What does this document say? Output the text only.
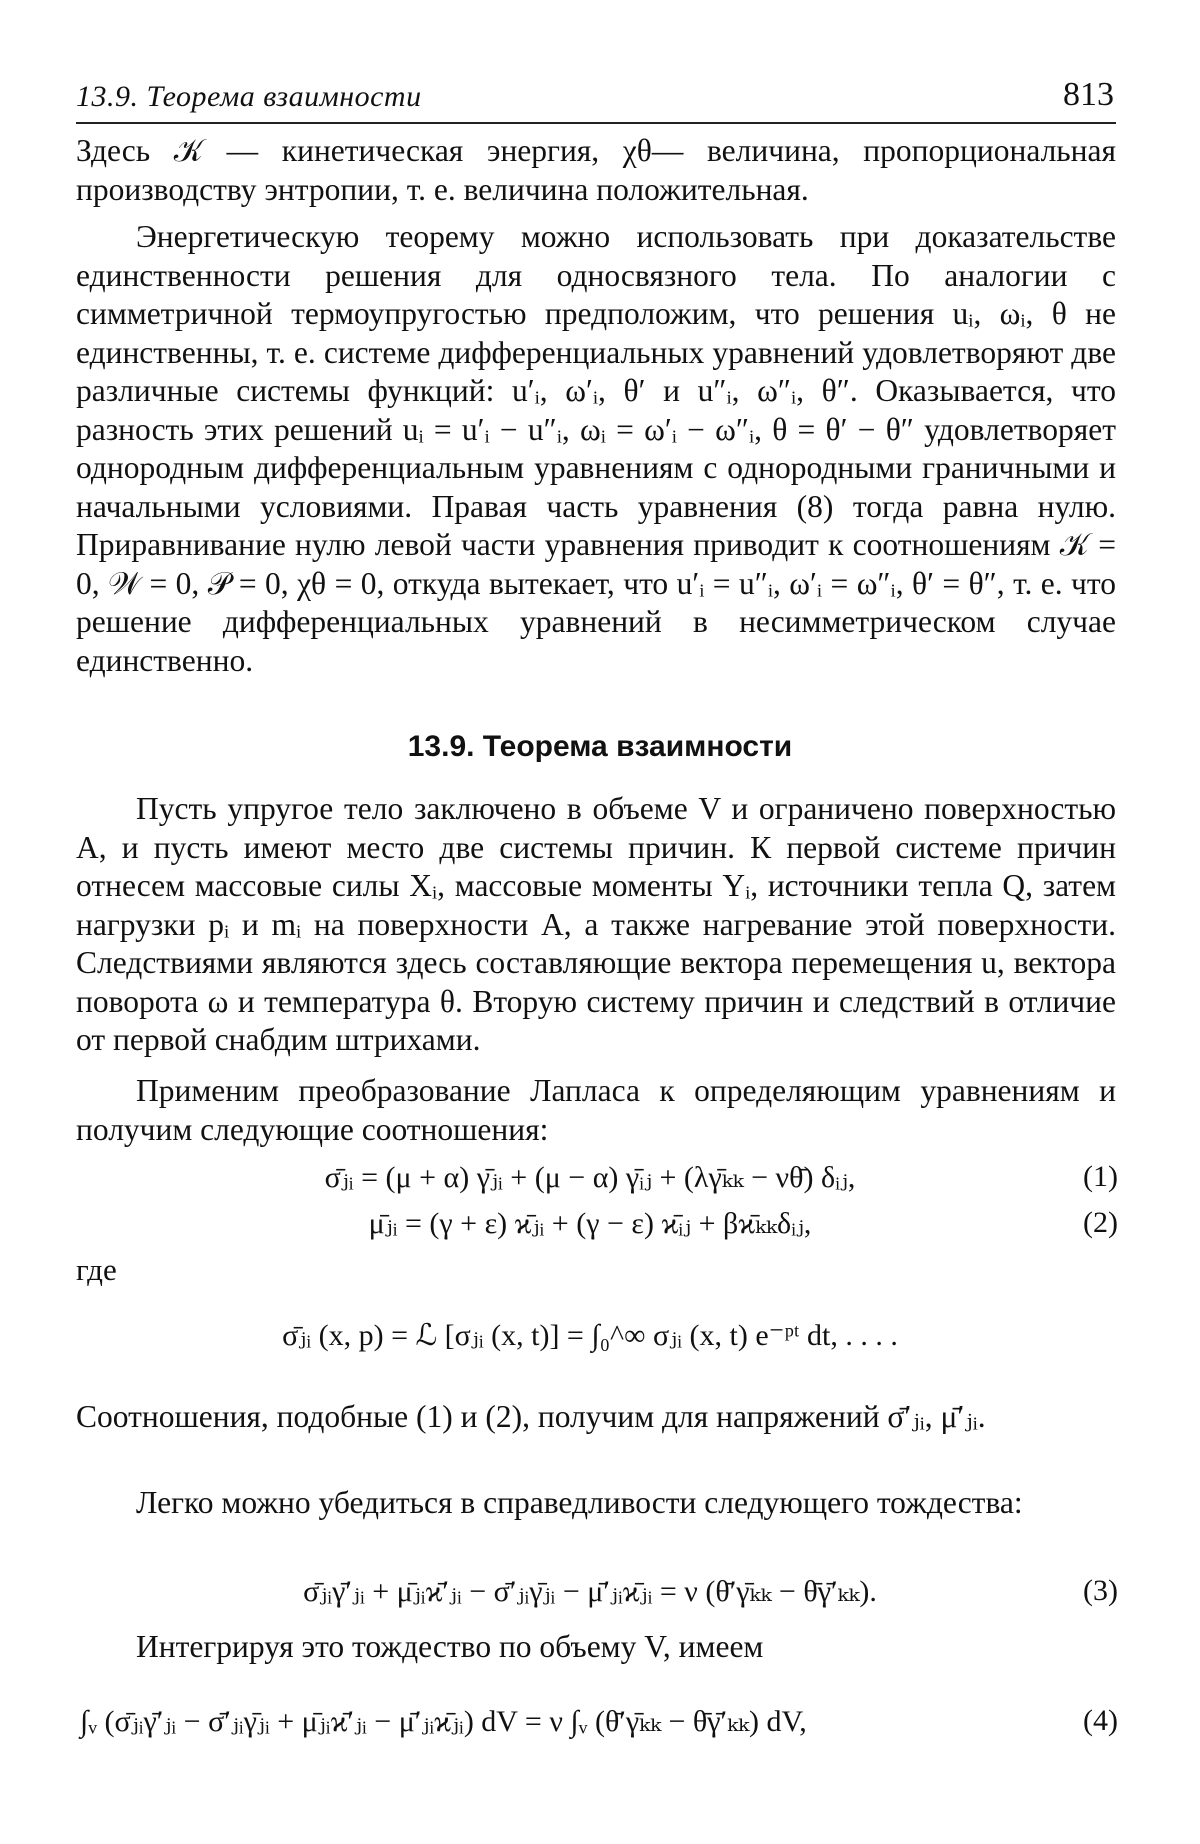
13.9. Теорема взаимности	813

Здесь 𝒦 — кинетическая энергия, χθ— величина, пропорциональная производству энтропии, т. е. величина положительная.

Энергетическую теорему можно использовать при доказательстве единственности решения для односвязного тела. По аналогии с симметричной термоупругостью предположим, что решения uᵢ, ωᵢ, θ не единственны, т. е. системе дифференциальных уравнений удовлетворяют две различные системы функций: u′ᵢ, ω′ᵢ, θ′ и u″ᵢ, ω″ᵢ, θ″. Оказывается, что разность этих решений uᵢ = u′ᵢ − u″ᵢ, ωᵢ = ω′ᵢ − ω″ᵢ, θ = θ′ − θ″ удовлетворяет однородным дифференциальным уравнениям с однородными граничными и начальными условиями. Правая часть уравнения (8) тогда равна нулю. Приравнивание нулю левой части уравнения приводит к соотношениям 𝒦 = 0, 𝒲 = 0, 𝒫 = 0, χθ = 0, откуда вытекает, что u′ᵢ = u″ᵢ, ω′ᵢ = ω″ᵢ, θ′ = θ″, т. е. что решение дифференциальных уравнений в несимметрическом случае единственно.

13.9. Теорема взаимности

Пусть упругое тело заключено в объеме V и ограничено поверхностью A, и пусть имеют место две системы причин. К первой системе причин отнесем массовые силы Xᵢ, массовые моменты Yᵢ, источники тепла Q, затем нагрузки pᵢ и mᵢ на поверхности A, а также нагревание этой поверхности. Следствиями являются здесь составляющие вектора перемещения u, вектора поворота ω и температура θ. Вторую систему причин и следствий в отличие от первой снабдим штрихами.

Применим преобразование Лапласа к определяющим уравнениям и получим следующие соотношения:

σ̄ⱼᵢ = (μ + α) γ̄ⱼᵢ + (μ − α) γ̄ᵢⱼ + (λγ̄ₖₖ − νθ̄) δᵢⱼ,	(1)
μ̄ⱼᵢ = (γ + ε) ϰ̄ⱼᵢ + (γ − ε) ϰ̄ᵢⱼ + βϰ̄ₖₖδᵢⱼ,	(2)
где
σ̄ⱼᵢ (x, p) = ℒ [σⱼᵢ (x, t)] = ∫₀^∞ σⱼᵢ (x, t) e⁻ᵖᵗ dt, . . . .

Соотношения, подобные (1) и (2), получим для напряжений σ̄′ⱼᵢ, μ̄′ⱼᵢ.

Легко можно убедиться в справедливости следующего тождества:

σ̄ⱼᵢγ̄′ⱼᵢ + μ̄ⱼᵢϰ̄′ⱼᵢ − σ̄′ⱼᵢγ̄ⱼᵢ − μ̄′ⱼᵢϰ̄ⱼᵢ = ν (θ̄′γ̄ₖₖ − θ̄γ̄′ₖₖ).	(3)

Интегрируя это тождество по объему V, имеем

∫ᵥ (σ̄ⱼᵢγ̄′ⱼᵢ − σ̄′ⱼᵢγ̄ⱼᵢ + μ̄ⱼᵢϰ̄′ⱼᵢ − μ̄′ⱼᵢϰ̄ⱼᵢ) dV = ν ∫ᵥ (θ̄′γ̄ₖₖ − θ̄γ̄′ₖₖ) dV,	(4)
